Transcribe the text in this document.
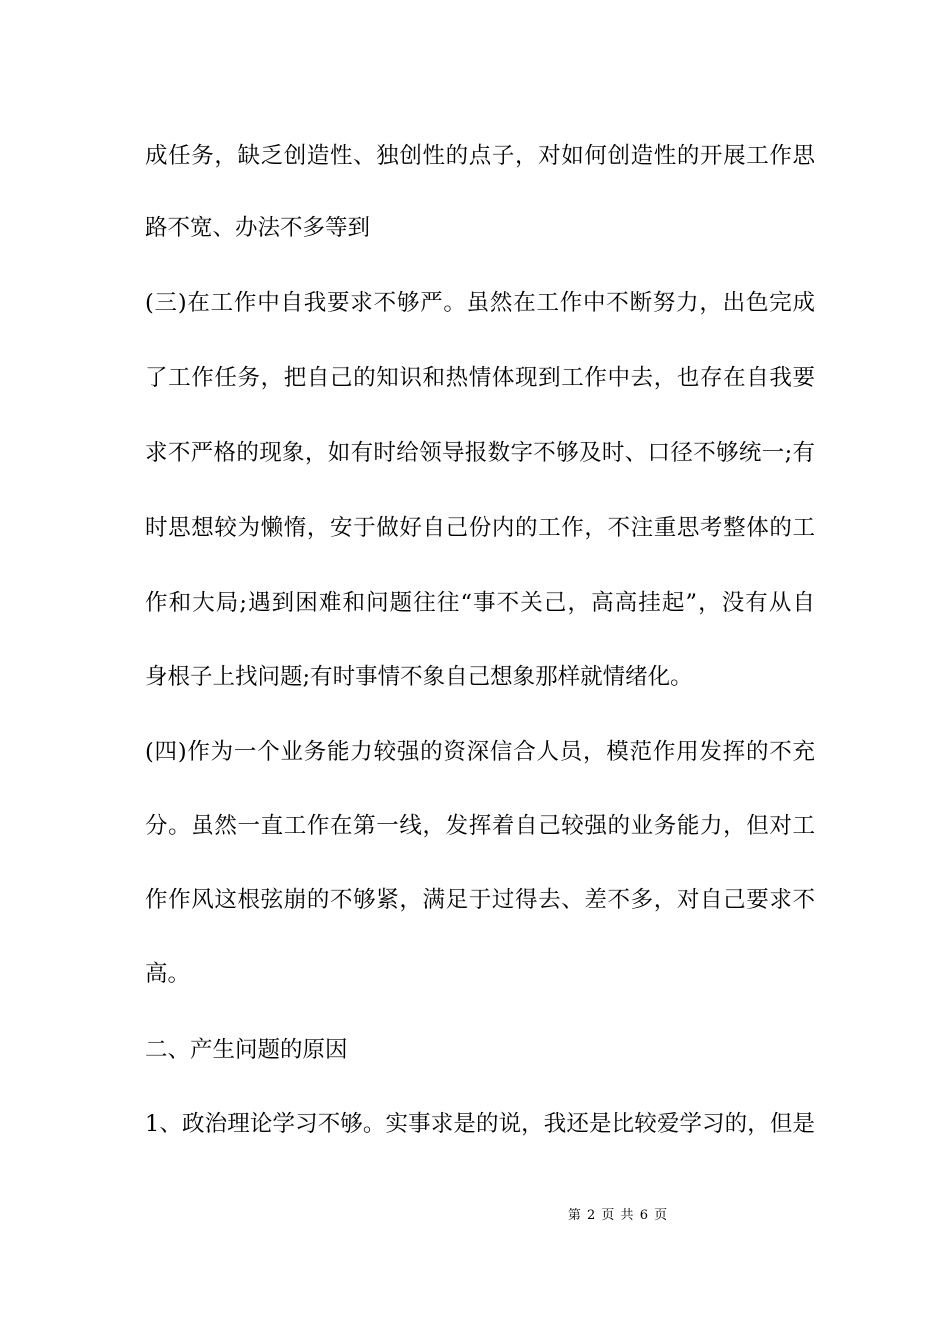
成任务，缺乏创造性、独创性的点子，对如何创造性的开展工作思
路不宽、办法不多等到
(三)在工作中自我要求不够严。虽然在工作中不断努力，出色完成
了工作任务，把自己的知识和热情体现到工作中去，也存在自我要
求不严格的现象，如有时给领导报数字不够及时、口径不够统一;有
时思想较为懒惰，安于做好自己份内的工作，不注重思考整体的工
作和大局;遇到困难和问题往往“事不关己，高高挂起”，没有从自
身根子上找问题;有时事情不象自己想象那样就情绪化。
(四)作为一个业务能力较强的资深信合人员，模范作用发挥的不充
分。虽然一直工作在第一线，发挥着自己较强的业务能力，但对工
作作风这根弦崩的不够紧，满足于过得去、差不多，对自己要求不
高。
二、产生问题的原因
1、政治理论学习不够。实事求是的说，我还是比较爱学习的，但是
第 2 页 共 6 页
